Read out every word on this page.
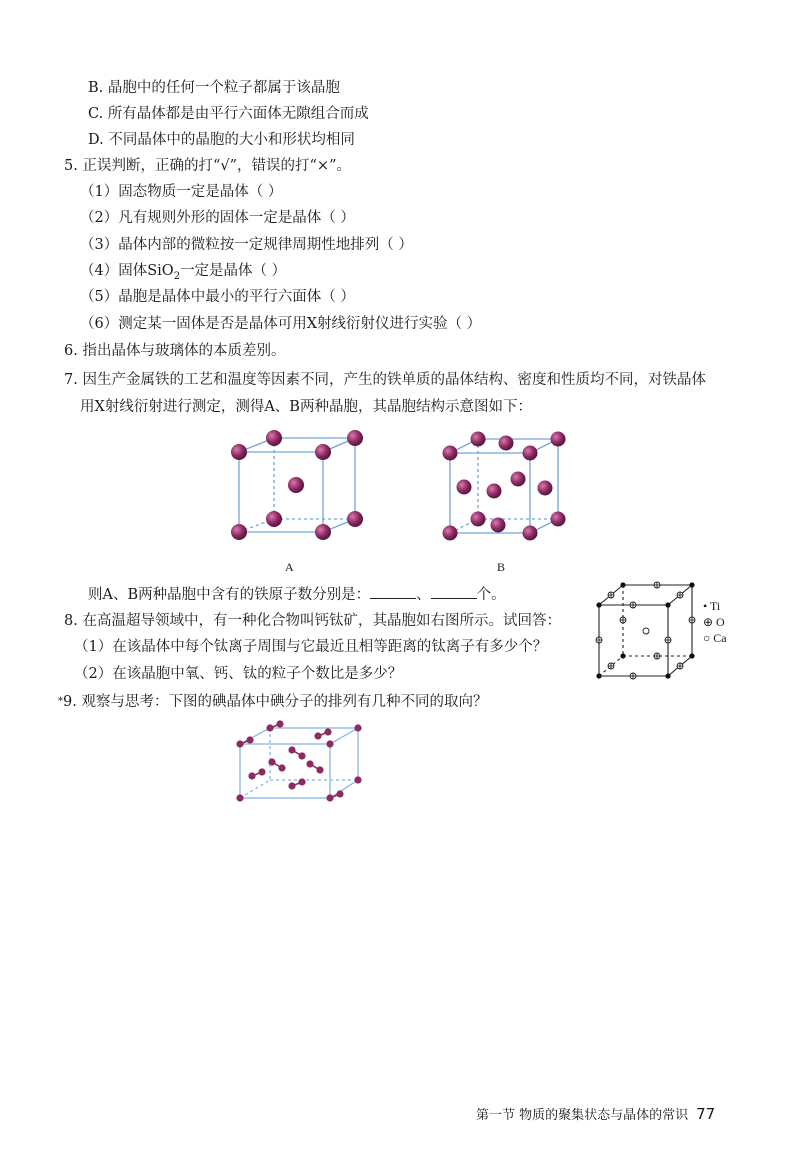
B. 晶胞中的任何一个粒子都属于该晶胞
C. 所有晶体都是由平行六面体无隙组合而成
D. 不同晶体中的晶胞的大小和形状均相同
5. 正误判断，正确的打“√”，错误的打“×”。
（1）固态物质一定是晶体（ ）
（2）凡有规则外形的固体一定是晶体（ ）
（3）晶体内部的微粒按一定规律周期性地排列（ ）
（4）固体SiO$_2$一定是晶体（ ）
（5）晶胞是晶体中最小的平行六面体（ ）
（6）测定某一固体是否是晶体可用X射线衍射仪进行实验（ ）
6. 指出晶体与玻璃体的本质差别。
7. 因生产金属铁的工艺和温度等因素不同，产生的铁单质的晶体结构、密度和性质均不同，对铁晶体
用X射线衍射进行测定，测得A、B两种晶胞，其晶胞结构示意图如下：
A	B
则A、B两种晶胞中含有的铁原子数分别是：	、	个。
8. 在高温超导领域中，有一种化合物叫钙钛矿，其晶胞如右图所示。试回答：
（1）在该晶体中每个钛离子周围与它最近且相等距离的钛离子有多少个？
（2）在该晶胞中氧、钙、钛的粒子个数比是多少？
• Ti
⊕ O
○ Ca
*9. 观察与思考：下图的碘晶体中碘分子的排列有几种不同的取向？
第一节 物质的聚集状态与晶体的常识 77
